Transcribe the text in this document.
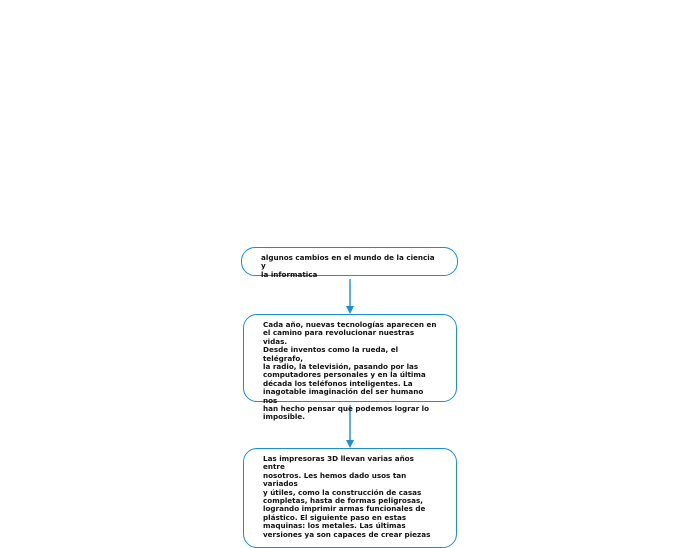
algunos cambios en el mundo de la ciencia y
la informatica
Cada año, nuevas tecnologías aparecen en
el camino para revolucionar nuestras vidas.
Desde inventos como la rueda, el telégrafo,
la radio, la televisión, pasando por las
computadores personales y en la última
década los teléfonos inteligentes. La
inagotable imaginación del ser humano nos
han hecho pensar que podemos lograr lo
imposible.
Las impresoras 3D llevan varias años entre
nosotros. Les hemos dado usos tan variados
y útiles, como la construcción de casas
completas, hasta de formas peligrosas,
logrando imprimir armas funcionales de
plástico. El siguiente paso en estas
maquinas: los metales. Las últimas
versiones ya son capaces de crear piezas
